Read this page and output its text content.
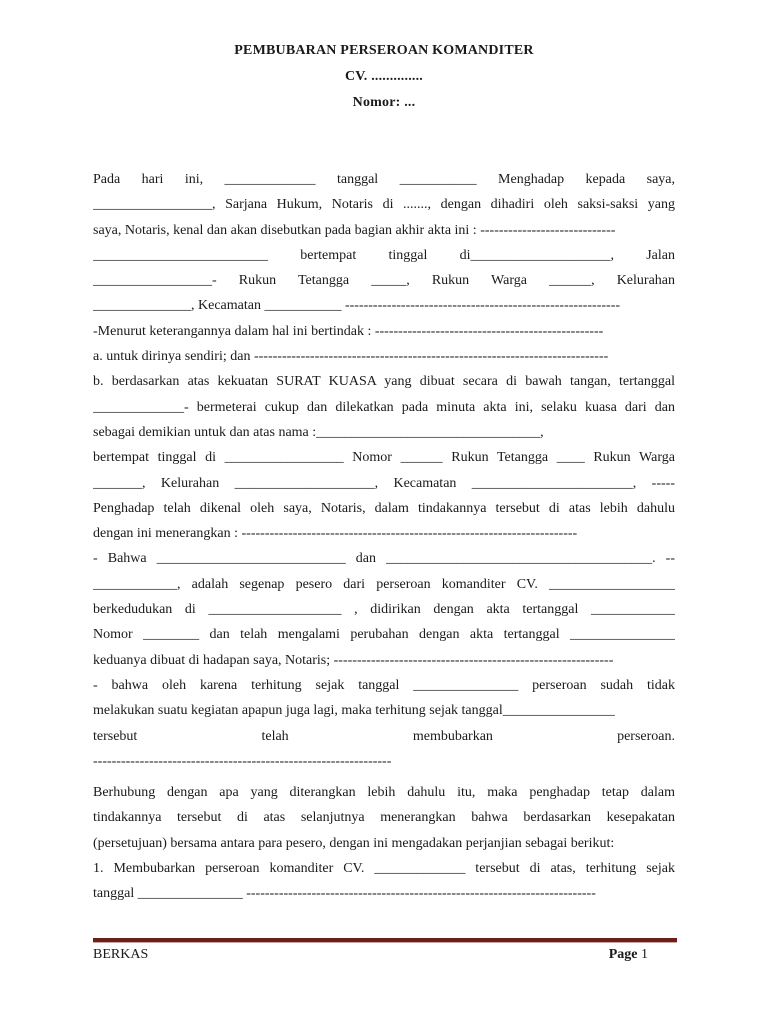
PEMBUBARAN PERSEROAN KOMANDITER
CV. ..............
Nomor: ...
Pada hari ini, _____________ tanggal ___________ Menghadap kepada saya,
_________________, Sarjana Hukum, Notaris di ......., dengan dihadiri oleh saksi-saksi yang
saya, Notaris, kenal dan akan disebutkan pada bagian akhir akta ini : -----------------------------
_________________________ bertempat tinggal di____________________, Jalan
_________________- Rukun Tetangga _____, Rukun Warga ______, Kelurahan
______________, Kecamatan ___________ -----------------------------------------------------------
-Menurut keterangannya dalam hal ini bertindak : -------------------------------------------------
a. untuk dirinya sendiri; dan ----------------------------------------------------------------------------
b. berdasarkan atas kekuatan SURAT KUASA yang dibuat secara di bawah tangan, tertanggal
_____________- bermeterai cukup dan dilekatkan pada minuta akta ini, selaku kuasa dari dan
sebagai demikian untuk dan atas nama :________________________________,
bertempat tinggal di _________________ Nomor ______ Rukun Tetangga ____ Rukun Warga
_______, Kelurahan ____________________, Kecamatan _______________________, -----
Penghadap telah dikenal oleh saya, Notaris, dalam tindakannya tersebut di atas lebih dahulu
dengan ini menerangkan : ------------------------------------------------------------------------
- Bahwa ___________________________ dan ______________________________________. --
____________, adalah segenap pesero dari perseroan komanditer CV. __________________
berkedudukan di ___________________ , didirikan dengan akta tertanggal ____________
Nomor ________ dan telah mengalami perubahan dengan akta tertanggal _______________
keduanya dibuat di hadapan saya, Notaris; ------------------------------------------------------------
- bahwa oleh karena terhitung sejak tanggal _______________ perseroan sudah tidak
melakukan suatu kegiatan apapun juga lagi, maka terhitung sejak tanggal________________
tersebut telah membubarkan perseroan.
----------------------------------------------------------------
Berhubung dengan apa yang diterangkan lebih dahulu itu, maka penghadap tetap dalam
tindakannya tersebut di atas selanjutnya menerangkan bahwa berdasarkan kesepakatan
(persetujuan) bersama antara para pesero, dengan ini mengadakan perjanjian sebagai berikut:
1. Membubarkan perseroan komanditer CV. _____________ tersebut di atas, terhitung sejak
tanggal _______________ ---------------------------------------------------------------------------
BERKAS	Page 1
